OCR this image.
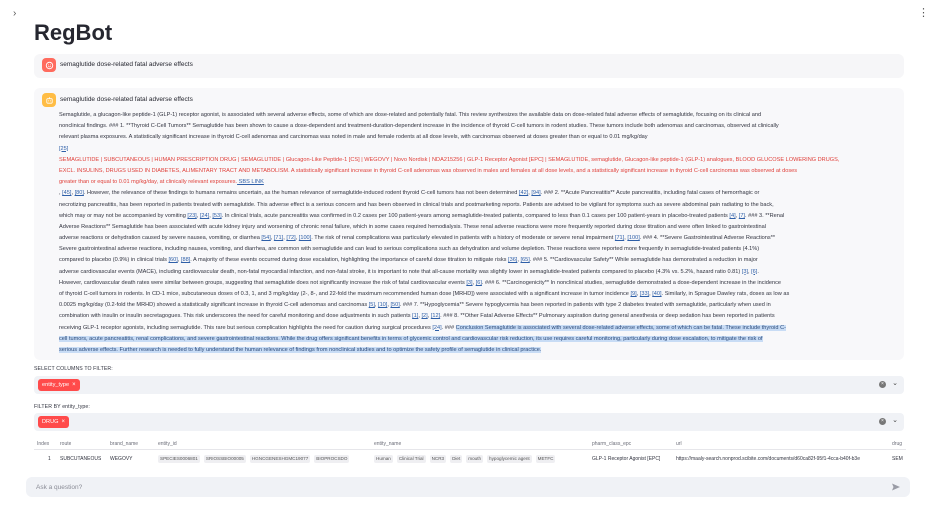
›	⋮
RegBot
semaglutide dose-related fatal adverse effects
semaglutide dose-related fatal adverse effects

Semaglutide, a glucagon-like peptide-1 (GLP-1) receptor agonist, is associated with several adverse effects, some of which are dose-related and potentially fatal. This review synthesizes the available data on dose-related fatal adverse effects of semaglutide, focusing on its clinical and

nonclinical findings. ### 1. **Thyroid C-Cell Tumors** Semaglutide has been shown to cause a dose-dependent and treatment-duration-dependent increase in the incidence of thyroid C-cell tumors in rodent studies. These tumors include both adenomas and carcinomas, observed at clinically

relevant plasma exposures. A statistically significant increase in thyroid C-cell adenomas and carcinomas was noted in male and female rodents at all dose levels, with carcinomas observed at doses greater than or equal to 0.01 mg/kg/day

[25]

SEMAGLUTIDE | SUBCUTANEOUS | HUMAN PRESCRIPTION DRUG | SEMAGLUTIDE | Glucagon-Like Peptide-1 [CS] | WEGOVY | Novo Nordisk | NDA215256 | GLP-1 Receptor Agonist [EPC] | SEMAGLUTIDE, semaglutide, Glucagon-like peptide-1 (GLP-1) analogues, BLOOD GLUCOSE LOWERING DRUGS,

EXCL. INSULINS, DRUGS USED IN DIABETES, ALIMENTARY TRACT AND METABOLISM. A statistically significant increase in thyroid C-cell adenomas was observed in males and females at all dose levels, and a statistically significant increase in thyroid C-cell carcinomas was observed at doses

greater than or equal to 0.01 mg/kg/day, at clinically relevant exposures. SBS LINK

, [45], [80]. However, the relevance of these findings to humans remains uncertain, as the human relevance of semaglutide-induced rodent thyroid C-cell tumors has not been determined [42], [94]. ### 2. **Acute Pancreatitis** Acute pancreatitis, including fatal cases of hemorrhagic or

necrotizing pancreatitis, has been reported in patients treated with semaglutide. This adverse effect is a serious concern and has been observed in clinical trials and postmarketing reports. Patients are advised to be vigilant for symptoms such as severe abdominal pain radiating to the back,

which may or may not be accompanied by vomiting [23], [24], [53]. In clinical trials, acute pancreatitis was confirmed in 0.2 cases per 100 patient-years among semaglutide-treated patients, compared to less than 0.1 cases per 100 patient-years in placebo-treated patients [4], [7]. ### 3. **Renal

Adverse Reactions** Semaglutide has been associated with acute kidney injury and worsening of chronic renal failure, which in some cases required hemodialysis. These renal adverse reactions were more frequently reported during dose titration and were often linked to gastrointestinal

adverse reactions or dehydration caused by severe nausea, vomiting, or diarrhea [54], [71], [72], [100]. The risk of renal complications was particularly elevated in patients with a history of moderate or severe renal impairment [71], [100]. ### 4. **Severe Gastrointestinal Adverse Reactions**

Severe gastrointestinal adverse reactions, including nausea, vomiting, and diarrhea, are common with semaglutide and can lead to serious complications such as dehydration and volume depletion. These reactions were reported more frequently in semaglutide-treated patients (4.1%)

compared to placebo (0.9%) in clinical trials [60], [88]. A majority of these events occurred during dose escalation, highlighting the importance of careful dose titration to mitigate risks [36], [65]. ### 5. **Cardiovascular Safety** While semaglutide has demonstrated a reduction in major

adverse cardiovascular events (MACE), including cardiovascular death, non-fatal myocardial infarction, and non-fatal stroke, it is important to note that all-cause mortality was slightly lower in semaglutide-treated patients compared to placebo (4.3% vs. 5.2%, hazard ratio 0.81) [3], [6].

However, cardiovascular death rates were similar between groups, suggesting that semaglutide does not significantly increase the risk of fatal cardiovascular events [3], [6]. ### 6. **Carcinogenicity** In nonclinical studies, semaglutide demonstrated a dose-dependent increase in the incidence

of thyroid C-cell tumors in rodents. In CD-1 mice, subcutaneous doses of 0.3, 1, and 3 mg/kg/day (2-, 8-, and 22-fold the maximum recommended human dose [MRHD]) were associated with a significant increase in tumor incidence [9], [33], [40]. Similarly, in Sprague Dawley rats, doses as low as

0.0025 mg/kg/day (0.2-fold the MRHD) showed a statistically significant increase in thyroid C-cell adenomas and carcinomas [5], [10], [50]. ### 7. **Hypoglycemia** Severe hypoglycemia has been reported in patients with type 2 diabetes treated with semaglutide, particularly when used in

combination with insulin or insulin secretagogues. This risk underscores the need for careful monitoring and dose adjustments in such patients [1], [2], [12]. ### 8. **Other Fatal Adverse Effects** Pulmonary aspiration during general anesthesia or deep sedation has been reported in patients

receiving GLP-1 receptor agonists, including semaglutide. This rare but serious complication highlights the need for caution during surgical procedures [24]. ### Conclusion Semaglutide is associated with several dose-related adverse effects, some of which can be fatal. These include thyroid C-

cell tumors, acute pancreatitis, renal complications, and severe gastrointestinal reactions. While the drug offers significant benefits in terms of glycemic control and cardiovascular risk reduction, its use requires careful monitoring, particularly during dose escalation, to mitigate the risk of

serious adverse effects. Further research is needed to fully understand the human relevance of findings from nonclinical studies and to optimize the safety profile of semaglutide in clinical practice.

SELECT COLUMNS TO FILTER:
entity_type ×	× ⌄
FILTER BY entity_type:
DRUG ×	× ⌄
Index route	brand_name	entity_id	entity_name	pharm_class_epc	url	drug
1 SUBCUTANEOUS WEGOVY	SPECIES0006801 SRIOSSBIO00005 HGNCGENESHGMC19077 BIOPROCSDO	Human Clinical Trial NCR3 Diet mouth hypoglycemic agent METFC	GLP-1 Receptor Agonist [EPC]	https://maaly-search.nonprod.scibite.com/documents/d60ca82f-95f1-4cca-b40f-b3e	SEM
Ask a question?
